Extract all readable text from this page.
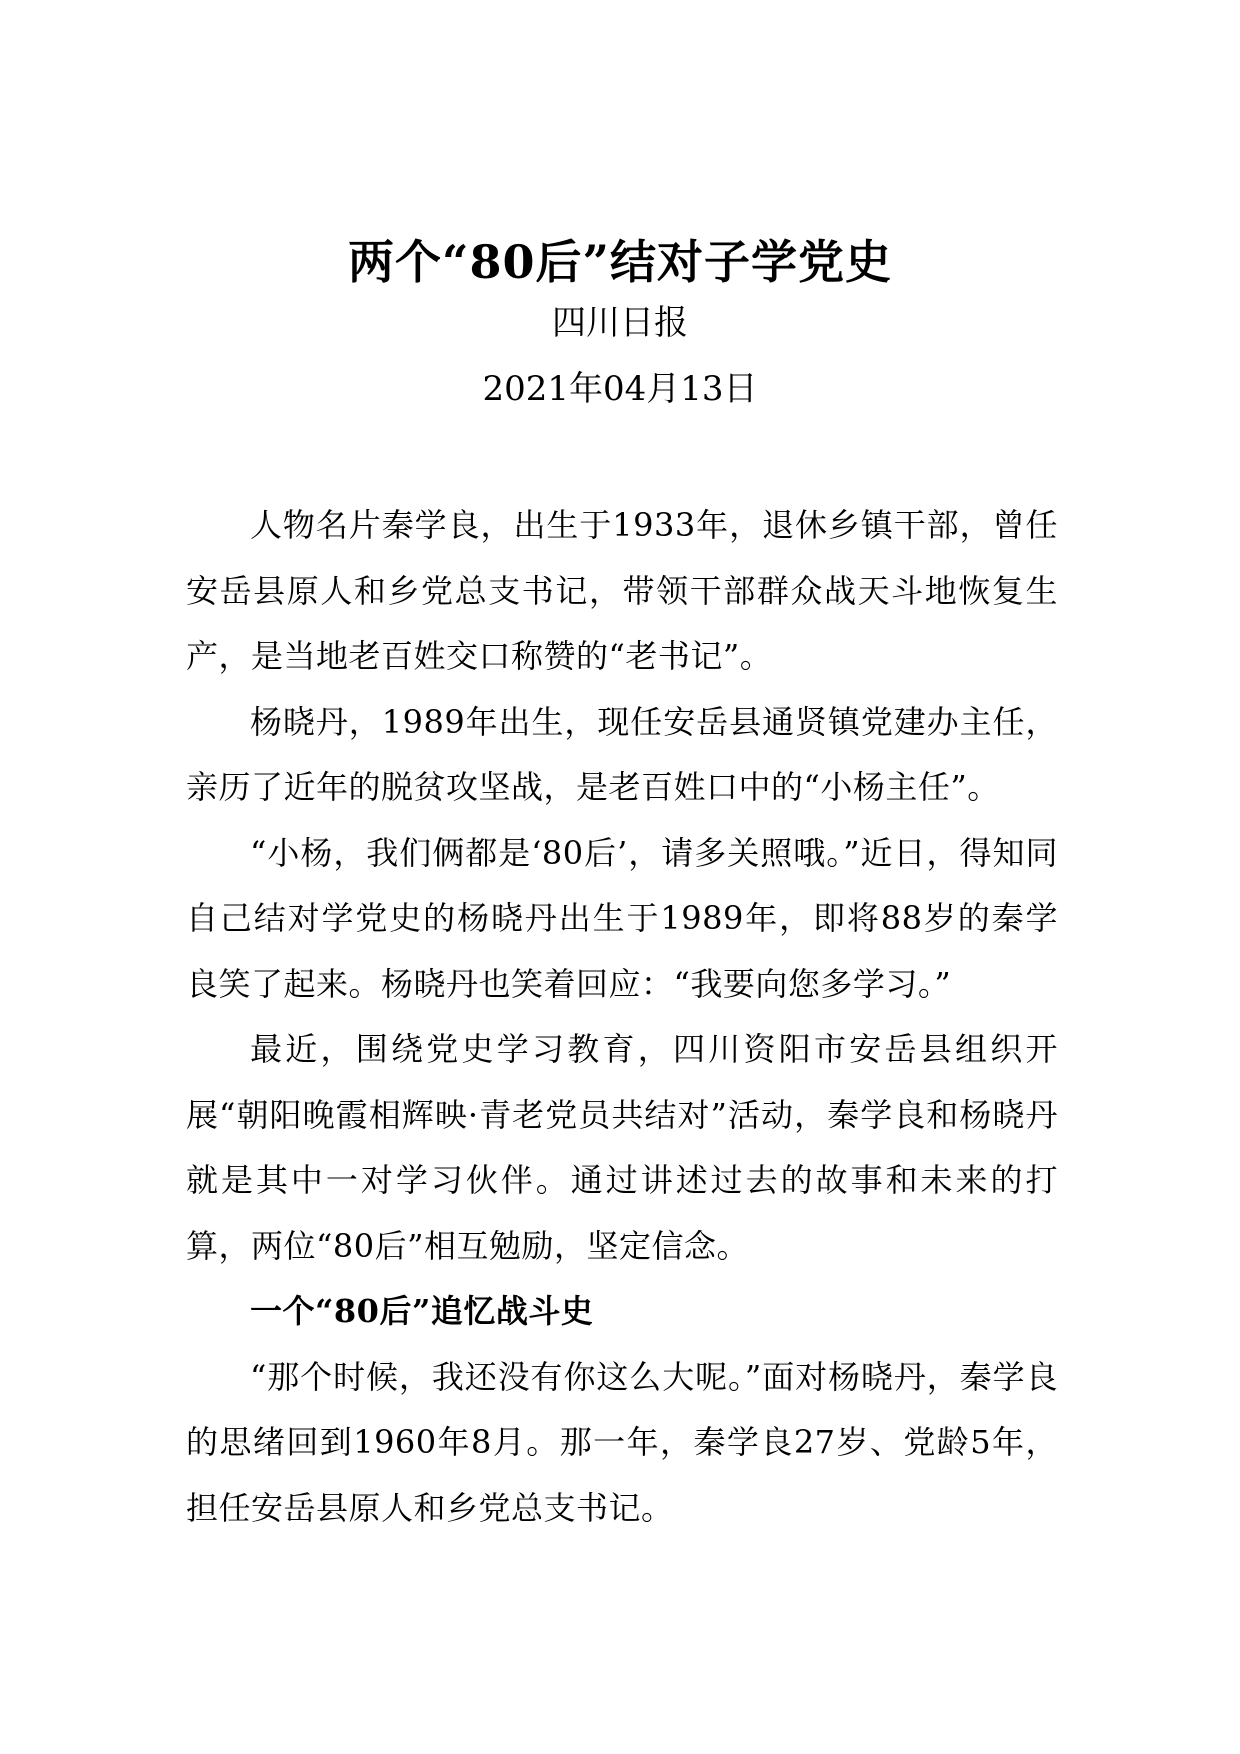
两个“80后”结对子学党史
四川日报
2021年04月13日

人物名片秦学良，出生于1933年，退休乡镇干部，曾任安岳县原人和乡党总支书记，带领干部群众战天斗地恢复生产，是当地老百姓交口称赞的“老书记”。

杨晓丹，1989年出生，现任安岳县通贤镇党建办主任，亲历了近年的脱贫攻坚战，是老百姓口中的“小杨主任”。

“小杨，我们俩都是‘80后’，请多关照哦。”近日，得知同自己结对学党史的杨晓丹出生于1989年，即将88岁的秦学良笑了起来。杨晓丹也笑着回应：“我要向您多学习。”

最近，围绕党史学习教育，四川资阳市安岳县组织开展“朝阳晚霞相辉映·青老党员共结对”活动，秦学良和杨晓丹就是其中一对学习伙伴。通过讲述过去的故事和未来的打算，两位“80后”相互勉励，坚定信念。

一个“80后”追忆战斗史

“那个时候，我还没有你这么大呢。”面对杨晓丹，秦学良的思绪回到1960年8月。那一年，秦学良27岁、党龄5年，担任安岳县原人和乡党总支书记。
